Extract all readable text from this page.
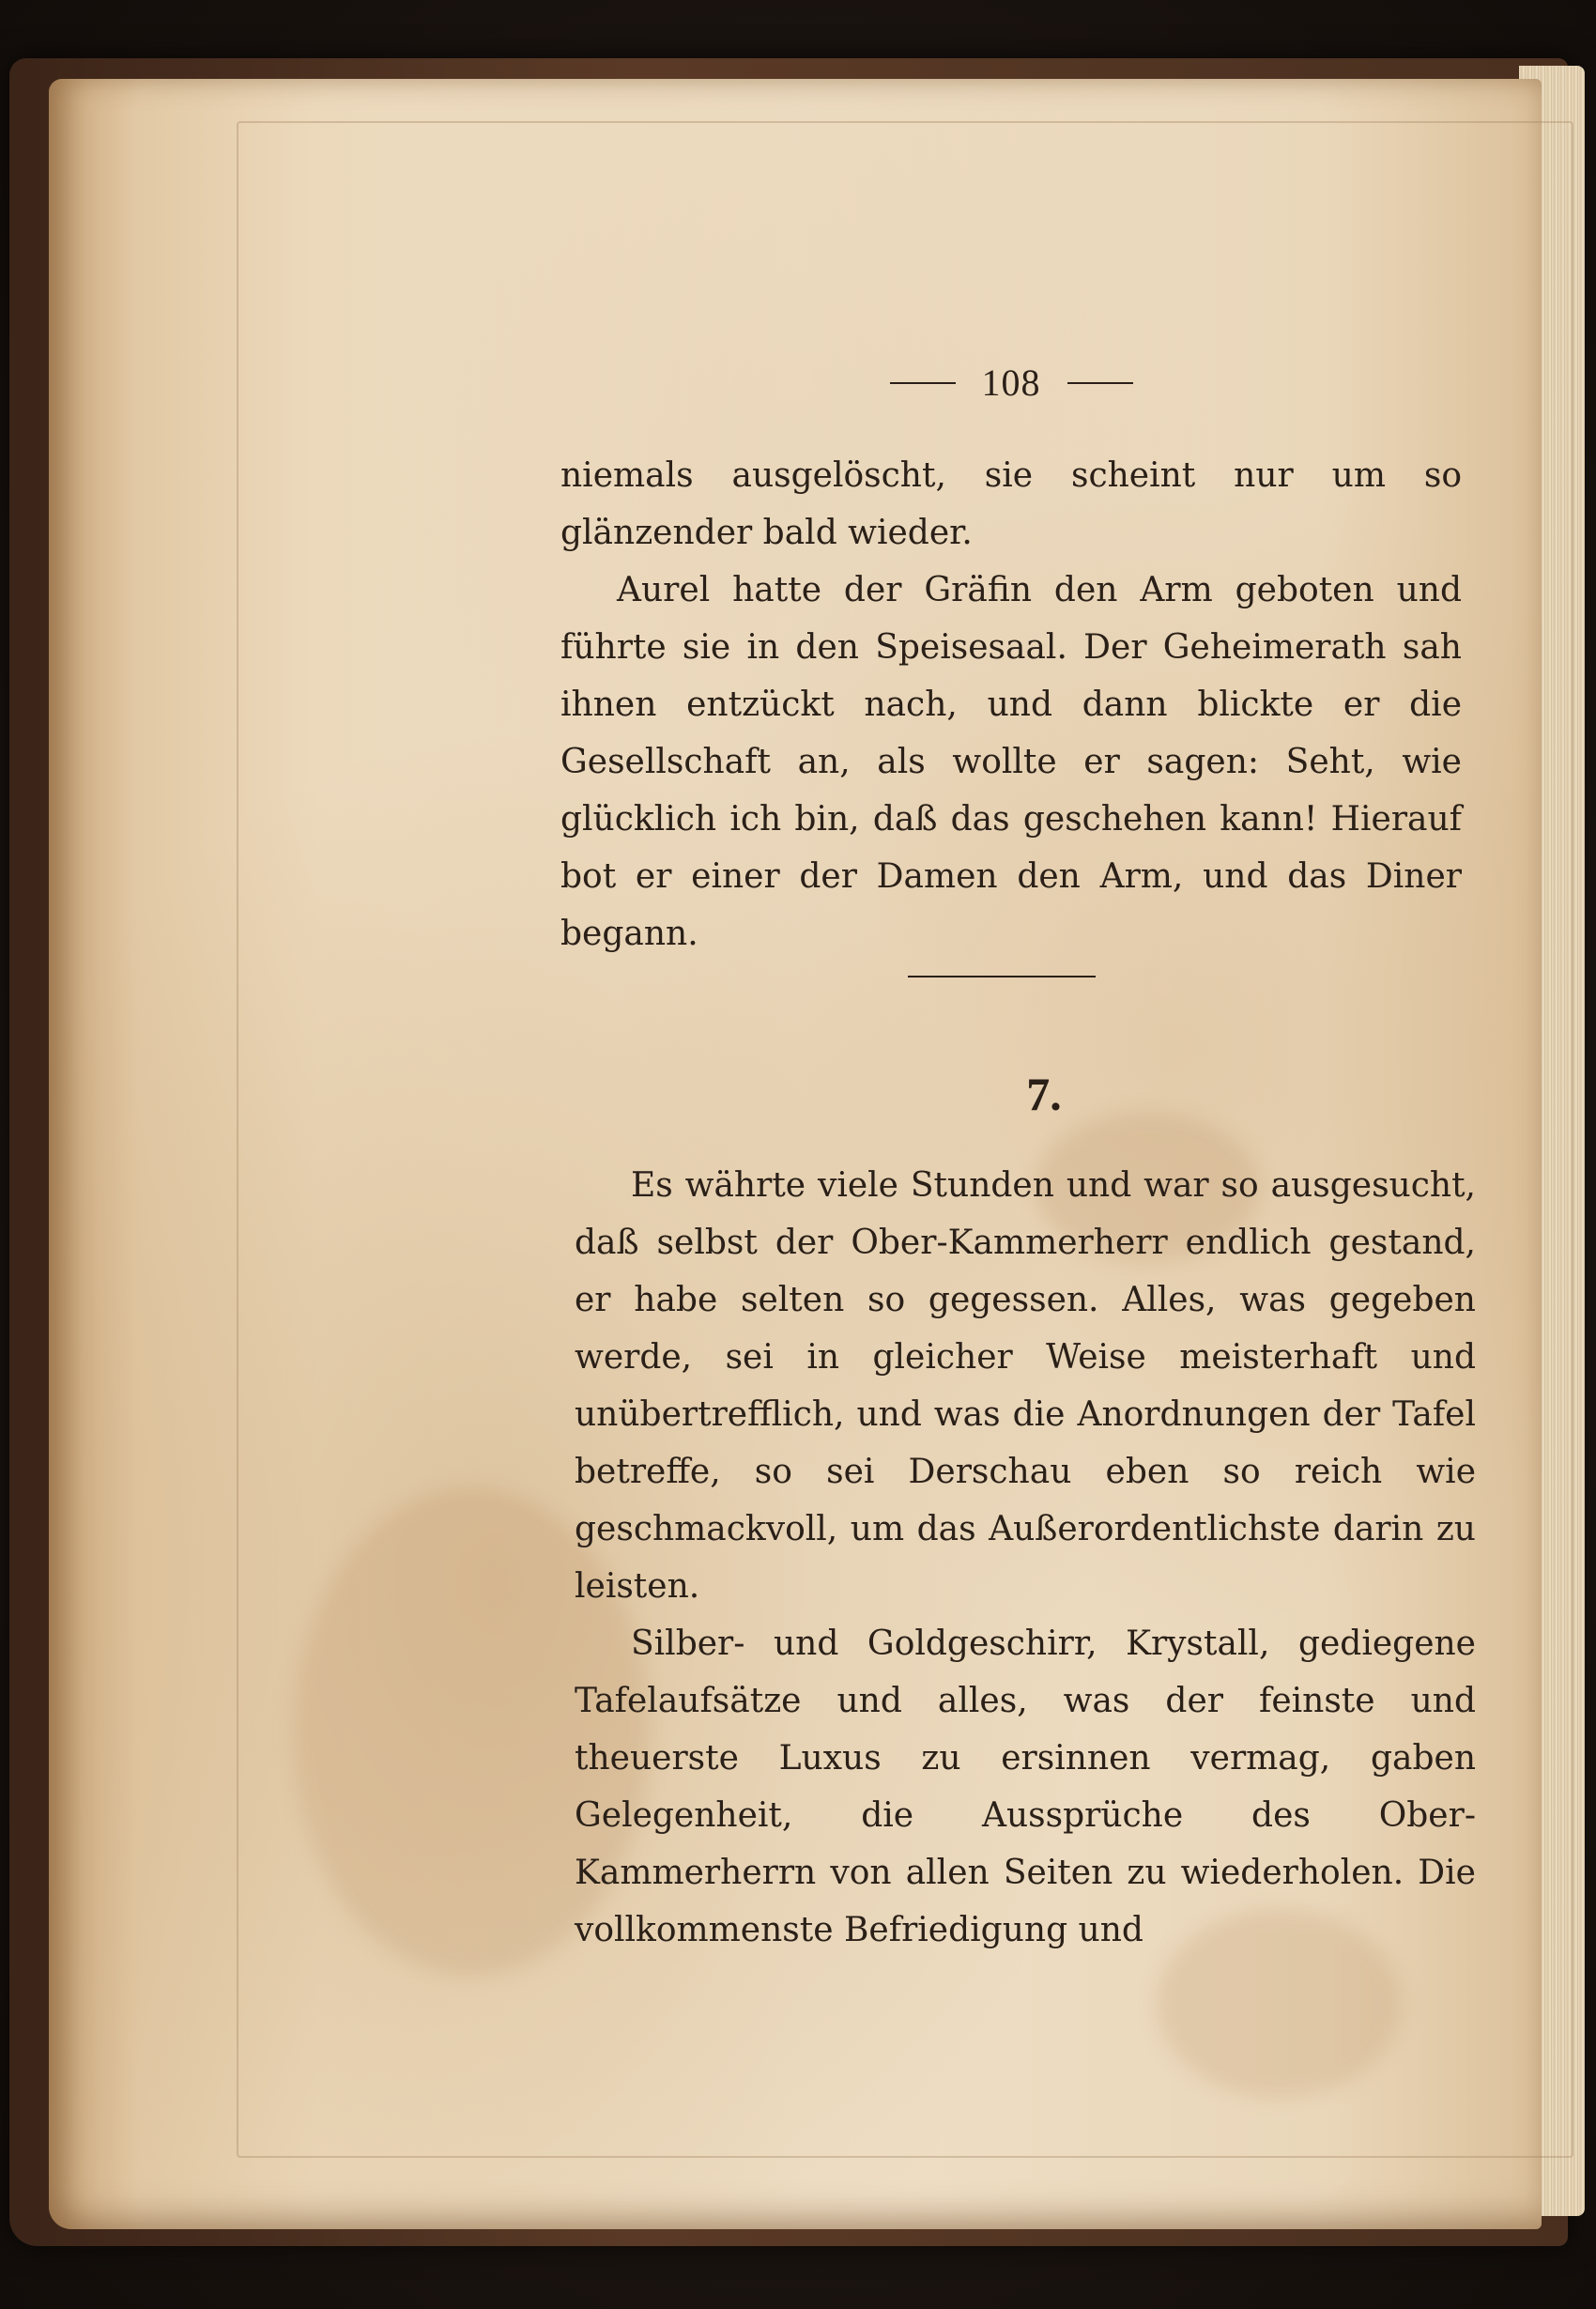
108

niemals ausgelöscht, sie scheint nur um so glänzender bald wieder.

Aurel hatte der Gräfin den Arm geboten und führte sie in den Speisesaal. Der Geheimerath sah ihnen entzückt nach, und dann blickte er die Gesellschaft an, als wollte er sagen: Seht, wie glücklich ich bin, daß das geschehen kann! Hierauf bot er einer der Damen den Arm, und das Diner begann.

7.

Es währte viele Stunden und war so ausgesucht, daß selbst der Ober-Kammerherr endlich gestand, er habe selten so gegessen. Alles, was gegeben werde, sei in gleicher Weise meisterhaft und unübertrefflich, und was die Anordnungen der Tafel betreffe, so sei Derschau eben so reich wie geschmackvoll, um das Außerordentlichste darin zu leisten.

Silber- und Goldgeschirr, Krystall, gediegene Tafelaufsätze und alles, was der feinste und theuerste Luxus zu ersinnen vermag, gaben Gelegenheit, die Aussprüche des Ober-Kammerherrn von allen Seiten zu wiederholen. Die vollkommenste Befriedigung und
